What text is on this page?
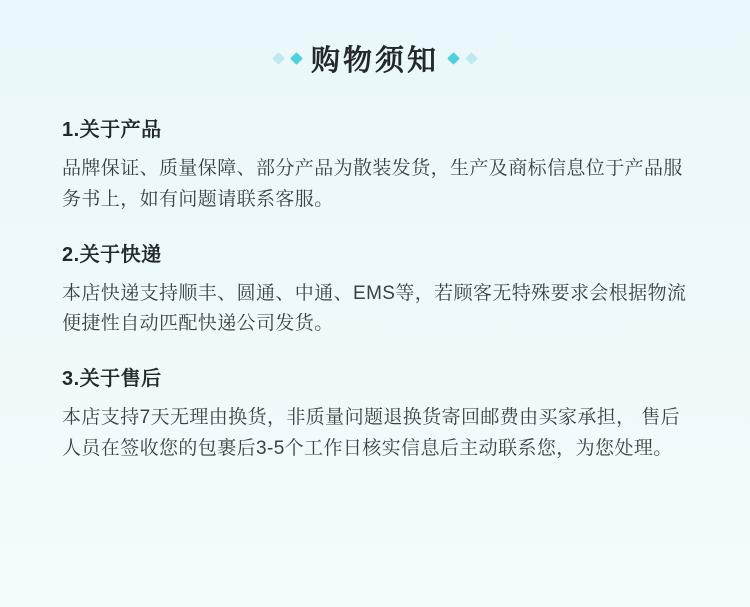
购物须知
1.关于产品

品牌保证、质量保障、部分产品为散装发货，生产及商标信息位于产品服务书上，如有问题请联系客服。

2.关于快递

本店快递支持顺丰、圆通、中通、EMS等，若顾客无特殊要求会根据物流便捷性自动匹配快递公司发货。

3.关于售后

本店支持7天无理由换货，非质量问题退换货寄回邮费由买家承担， 售后人员在签收您的包裹后3-5个工作日核实信息后主动联系您，为您处理。
